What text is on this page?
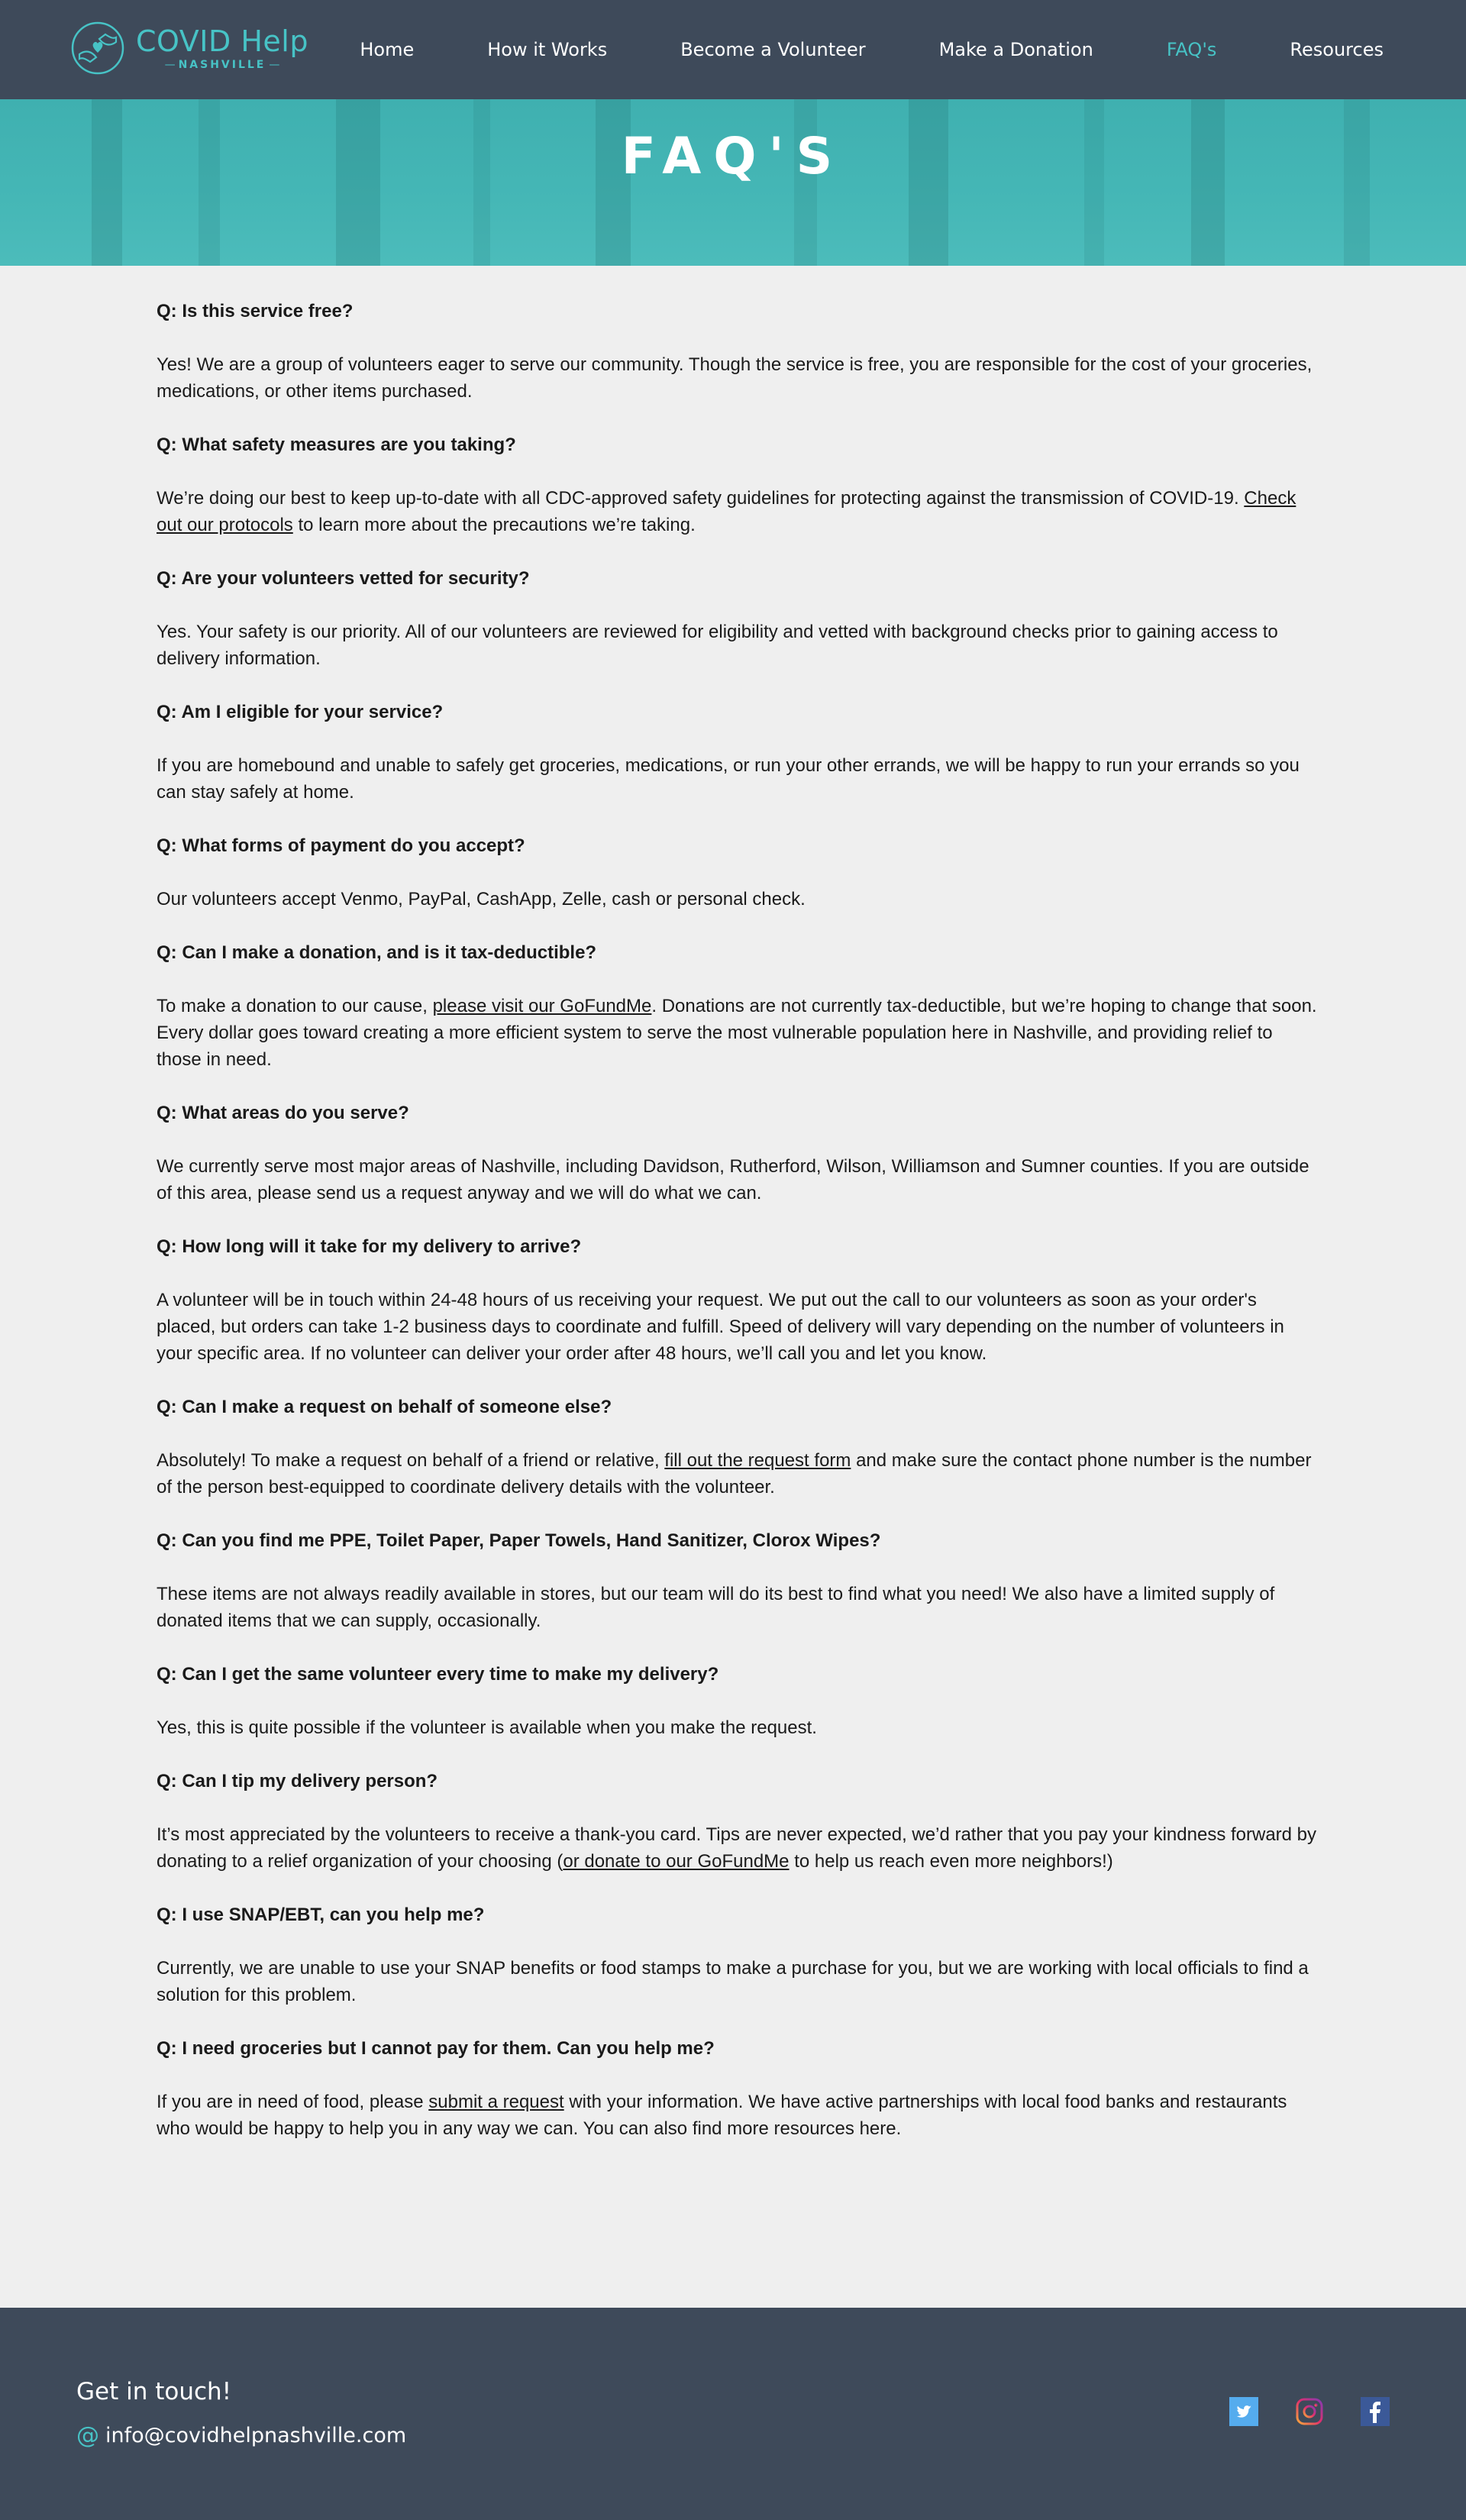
COVID Help
— NASHVILLE —
Home	How it Works	Become a Volunteer	Make a Donation	FAQ's	Resources
FAQ'S

Q: Is this service free?

Yes! We are a group of volunteers eager to serve our community. Though the service is free, you are responsible for the cost of your groceries, medications, or other items purchased.

Q: What safety measures are you taking?

We’re doing our best to keep up-to-date with all CDC-approved safety guidelines for protecting against the transmission of COVID-19. Check out our protocols to learn more about the precautions we’re taking.

Q: Are your volunteers vetted for security?

Yes. Your safety is our priority. All of our volunteers are reviewed for eligibility and vetted with background checks prior to gaining access to delivery information.

Q: Am I eligible for your service?

If you are homebound and unable to safely get groceries, medications, or run your other errands, we will be happy to run your errands so you can stay safely at home.

Q: What forms of payment do you accept?

Our volunteers accept Venmo, PayPal, CashApp, Zelle, cash or personal check.

Q: Can I make a donation, and is it tax-deductible?

To make a donation to our cause, please visit our GoFundMe. Donations are not currently tax-deductible, but we’re hoping to change that soon. Every dollar goes toward creating a more efficient system to serve the most vulnerable population here in Nashville, and providing relief to those in need.

Q: What areas do you serve?

We currently serve most major areas of Nashville, including Davidson, Rutherford, Wilson, Williamson and Sumner counties. If you are outside of this area, please send us a request anyway and we will do what we can.

Q: How long will it take for my delivery to arrive?

A volunteer will be in touch within 24-48 hours of us receiving your request. We put out the call to our volunteers as soon as your order's placed, but orders can take 1-2 business days to coordinate and fulfill. Speed of delivery will vary depending on the number of volunteers in your specific area. If no volunteer can deliver your order after 48 hours, we’ll call you and let you know.

Q: Can I make a request on behalf of someone else?

Absolutely! To make a request on behalf of a friend or relative, fill out the request form and make sure the contact phone number is the number of the person best-equipped to coordinate delivery details with the volunteer.

Q: Can you find me PPE, Toilet Paper, Paper Towels, Hand Sanitizer, Clorox Wipes?

These items are not always readily available in stores, but our team will do its best to find what you need! We also have a limited supply of donated items that we can supply, occasionally.

Q: Can I get the same volunteer every time to make my delivery?

Yes, this is quite possible if the volunteer is available when you make the request.

Q: Can I tip my delivery person?

It’s most appreciated by the volunteers to receive a thank-you card. Tips are never expected, we’d rather that you pay your kindness forward by donating to a relief organization of your choosing (or donate to our GoFundMe to help us reach even more neighbors!)

Q: I use SNAP/EBT, can you help me?

Currently, we are unable to use your SNAP benefits or food stamps to make a purchase for you, but we are working with local officials to find a solution for this problem.

Q: I need groceries but I cannot pay for them. Can you help me?

If you are in need of food, please submit a request with your information. We have active partnerships with local food banks and restaurants who would be happy to help you in any way we can. You can also find more resources here.

Get in touch!
@ info@covidhelpnashville.com
